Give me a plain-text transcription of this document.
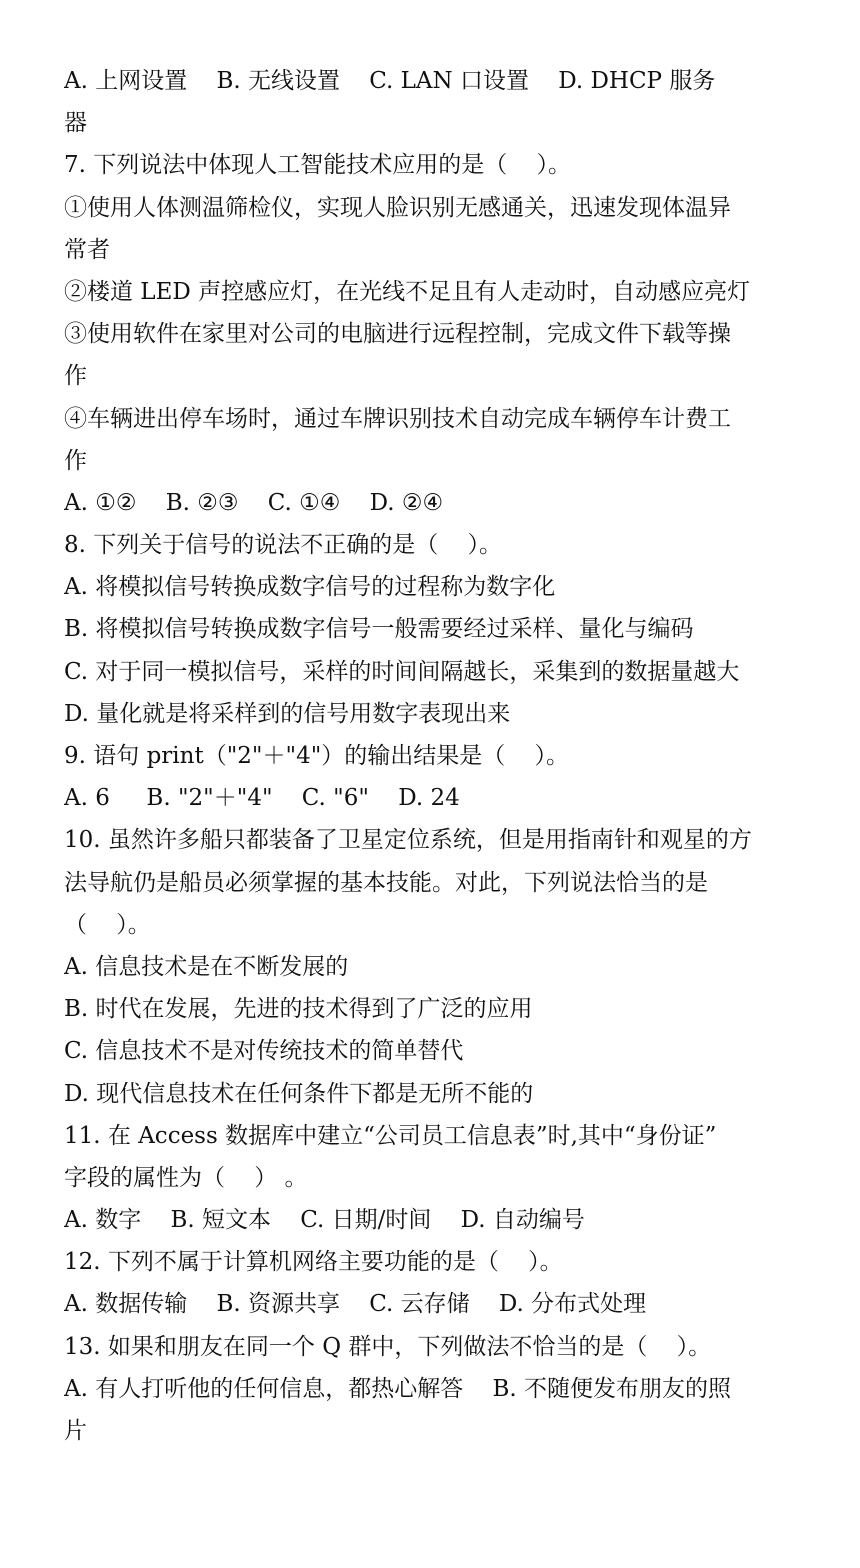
A. 上网设置    B. 无线设置    C. LAN 口设置    D. DHCP 服务
器
7. 下列说法中体现人工智能技术应用的是（    ）。
①使用人体测温筛检仪，实现人脸识别无感通关，迅速发现体温异
常者
②楼道 LED 声控感应灯，在光线不足且有人走动时，自动感应亮灯
③使用软件在家里对公司的电脑进行远程控制，完成文件下载等操
作
④车辆进出停车场时，通过车牌识别技术自动完成车辆停车计费工
作
A. ①②    B. ②③    C. ①④    D. ②④
8. 下列关于信号的说法不正确的是（    ）。
A. 将模拟信号转换成数字信号的过程称为数字化
B. 将模拟信号转换成数字信号一般需要经过采样、量化与编码
C. 对于同一模拟信号，采样的时间间隔越长，采集到的数据量越大
D. 量化就是将采样到的信号用数字表现出来
9. 语句 print（"2"＋"4"）的输出结果是（    ）。
A. 6     B. "2"＋"4"    C. "6"    D. 24
10. 虽然许多船只都装备了卫星定位系统，但是用指南针和观星的方
法导航仍是船员必须掌握的基本技能。对此，下列说法恰当的是
（    ）。
A. 信息技术是在不断发展的
B. 时代在发展，先进的技术得到了广泛的应用
C. 信息技术不是对传统技术的简单替代
D. 现代信息技术在任何条件下都是无所不能的
11. 在 Access 数据库中建立“公司员工信息表”时,其中“身份证”
字段的属性为（    ） 。
A. 数字    B. 短文本    C. 日期/时间    D. 自动编号
12. 下列不属于计算机网络主要功能的是（    ）。
A. 数据传输    B. 资源共享    C. 云存储    D. 分布式处理
13. 如果和朋友在同一个 Q 群中，下列做法不恰当的是（    ）。
A. 有人打听他的任何信息，都热心解答    B. 不随便发布朋友的照
片
